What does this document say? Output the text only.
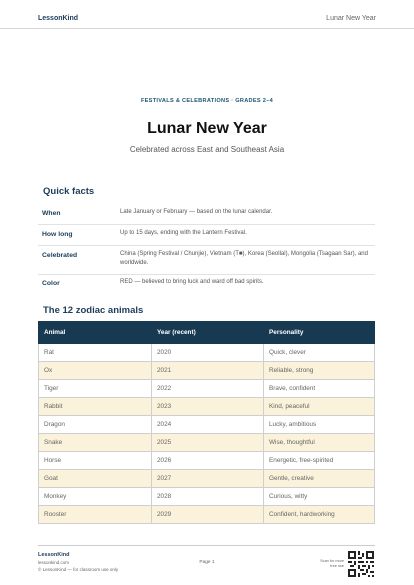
LessonKind	Lunar New Year
FESTIVALS & CELEBRATIONS · GRADES 2–4
Lunar New Year
Celebrated across East and Southeast Asia
Quick facts
When	Late January or February — based on the lunar calendar.
How long	Up to 15 days, ending with the Lantern Festival.
Celebrated	China (Spring Festival / Chunjie), Vietnam (T■), Korea (Seollal), Mongolia (Tsagaan Sar), and worldwide.
Color	RED — believed to bring luck and ward off bad spirits.
The 12 zodiac animals
Animal	Year (recent)	Personality
Rat	2020	Quick, clever
Ox	2021	Reliable, strong
Tiger	2022	Brave, confident
Rabbit	2023	Kind, peaceful
Dragon	2024	Lucky, ambitious
Snake	2025	Wise, thoughtful
Horse	2026	Energetic, free-spirited
Goat	2027	Gentle, creative
Monkey	2028	Curious, witty
Rooster	2029	Confident, hardworking
LessonKind
lessonkind.com
© LessonKind — for classroom use only
Page 1	Scan for more free use
